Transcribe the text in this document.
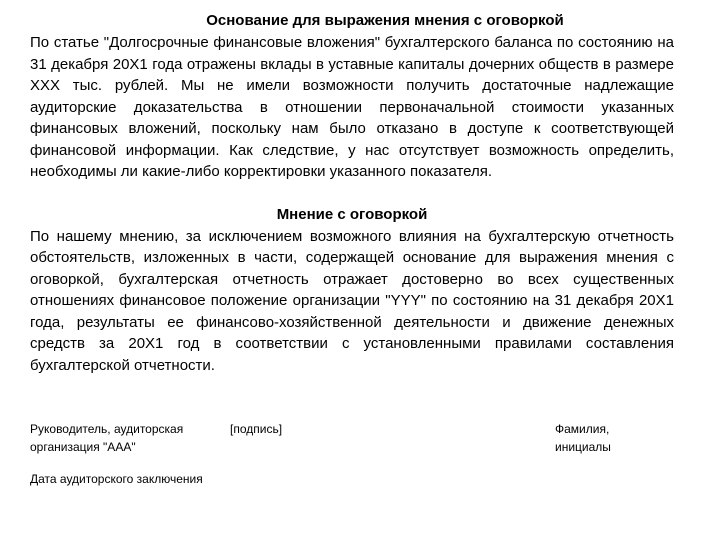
Основание для выражения мнения с оговоркой

По статье "Долгосрочные финансовые вложения" бухгалтерского баланса по состоянию на 31 декабря 20Х1 года отражены вклады в уставные капиталы дочерних обществ в размере ХХХ тыс. рублей. Мы не имели возможности получить достаточные надлежащие аудиторские доказательства в отношении первоначальной стоимости указанных финансовых вложений, поскольку нам было отказано в доступе к соответствующей финансовой информации. Как следствие, у нас отсутствует возможность определить, необходимы ли какие-либо корректировки указанного показателя.

Мнение с оговоркой

По нашему мнению, за исключением возможного влияния на бухгалтерскую отчетность обстоятельств, изложенных в части, содержащей основание для выражения мнения с оговоркой, бухгалтерская отчетность отражает достоверно во всех существенных отношениях финансовое положение организации "YYY" по состоянию на 31 декабря 20Х1 года, результаты ее финансово-хозяйственной деятельности и движение денежных средств за 20Х1 год в соответствии с установленными правилами составления бухгалтерской отчетности.

Руководитель, аудиторская
организация "ААА"
[подпись]	Фамилия,
инициалы
Дата аудиторского заключения
